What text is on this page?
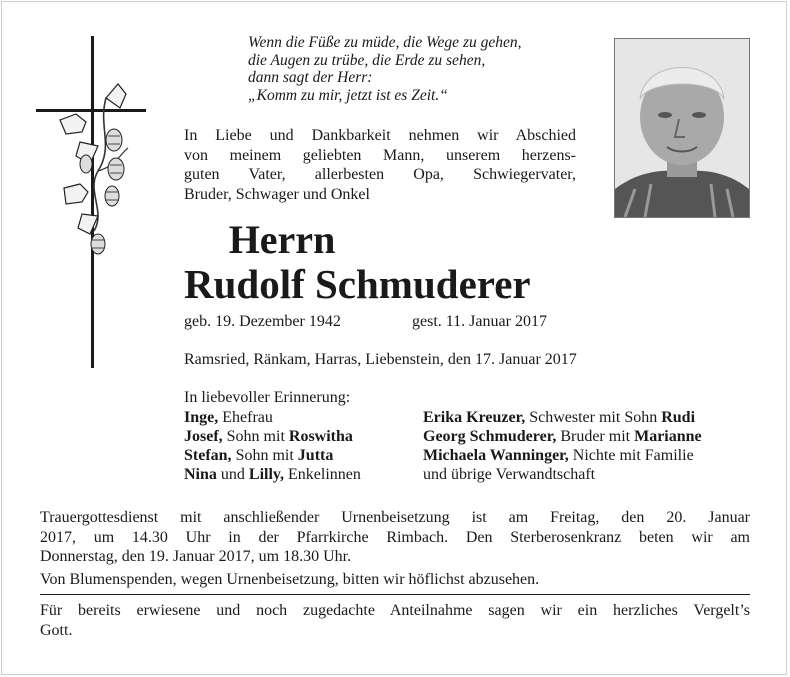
Wenn die Füße zu müde, die Wege zu gehen,
die Augen zu trübe, die Erde zu sehen,
dann sagt der Herr:
„Komm zu mir, jetzt ist es Zeit.“
In Liebe und Dankbarkeit nehmen wir Abschied
von meinem geliebten Mann, unserem herzens-
guten Vater, allerbesten Opa, Schwiegervater,
Bruder, Schwager und Onkel
Herrn
Rudolf Schmuderer
geb. 19. Dezember 1942	gest. 11. Januar 2017
Ramsried, Ränkam, Harras, Liebenstein, den 17. Januar 2017
In liebevoller Erinnerung:
Inge, Ehefrau
Josef, Sohn mit Roswitha
Stefan, Sohn mit Jutta
Nina und Lilly, Enkelinnen
Erika Kreuzer, Schwester mit Sohn Rudi
Georg Schmuderer, Bruder mit Marianne
Michaela Wanninger, Nichte mit Familie
und übrige Verwandtschaft
Trauergottesdienst mit anschließender Urnenbeisetzung ist am Freitag, den 20. Januar
2017, um 14.30 Uhr in der Pfarrkirche Rimbach. Den Sterberosenkranz beten wir am
Donnerstag, den 19. Januar 2017, um 18.30 Uhr.
Von Blumenspenden, wegen Urnenbeisetzung, bitten wir höflichst abzusehen.
Für bereits erwiesene und noch zugedachte Anteilnahme sagen wir ein herzliches Vergelt’s
Gott.
